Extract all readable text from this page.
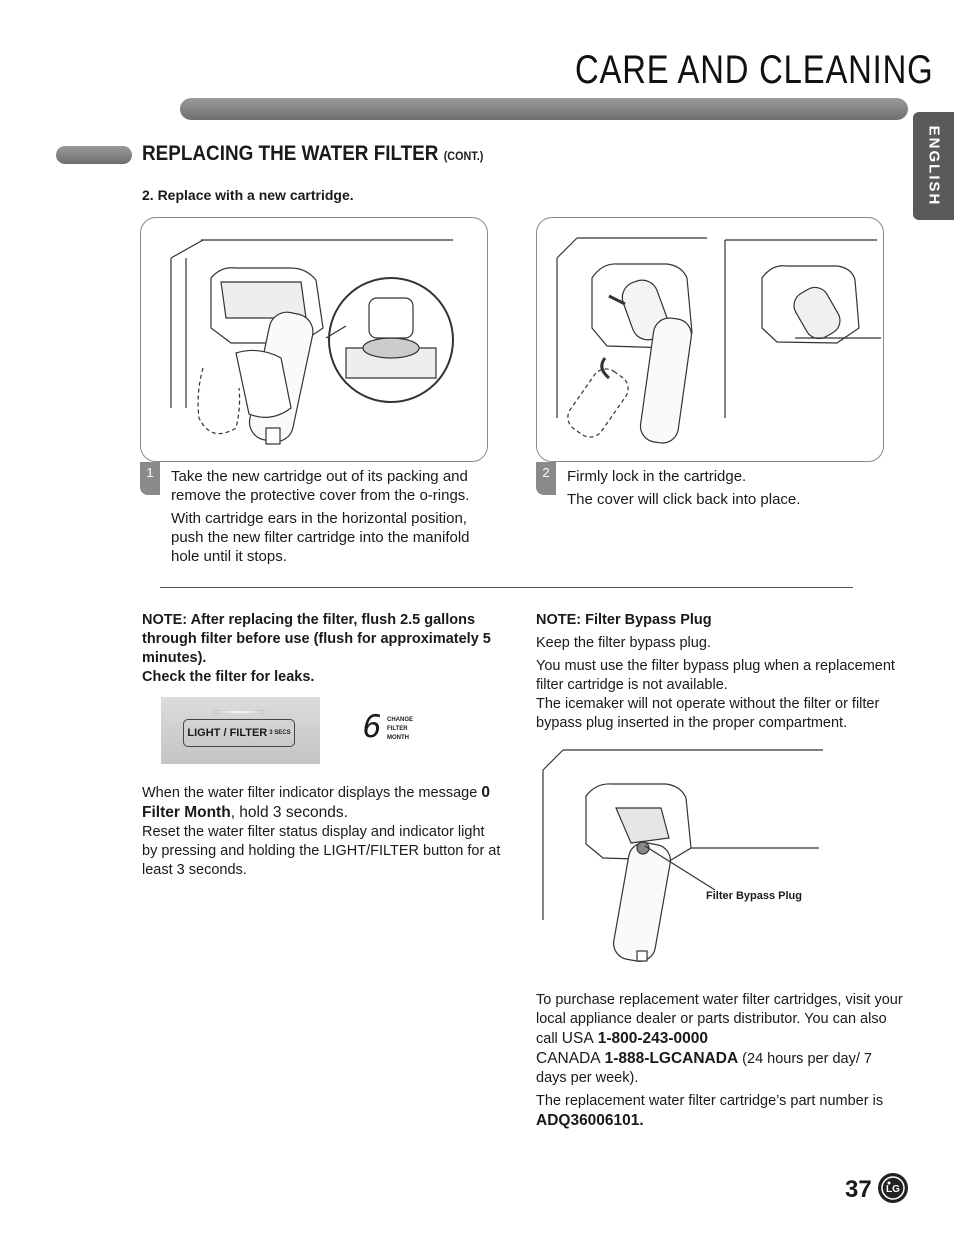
CARE AND CLEANING
ENGLISH
REPLACING THE WATER FILTER (CONT.)
2. Replace with a new cartridge.
1	Take the new cartridge out of its packing and remove the protective cover from the o-rings.

With cartridge ears in the horizontal position, push the new filter cartridge into the manifold hole until it stops.

2	Firmly lock in the cartridge.

The cover will click back into place.

NOTE: After replacing the filter, flush 2.5 gallons through filter before use (flush for approximately 5 minutes).
Check the filter for leaks.
LIGHT / FILTER 3 SECS 6 CHANGE
FILTER
MONTH
When the water filter indicator displays the message 0 Filter Month, hold 3 seconds.
Reset the water filter status display and indicator light by pressing and holding the LIGHT/FILTER button for at least 3 seconds.
NOTE: Filter Bypass Plug
Keep the filter bypass plug.
You must use the filter bypass plug when a replacement filter cartridge is not available.
The icemaker will not operate without the filter or filter bypass plug inserted in the proper compartment.
Filter Bypass Plug
To purchase replacement water filter cartridges, visit your local appliance dealer or parts distributor. You can also call USA 1-800-243-0000
CANADA 1-888-LGCANADA (24 hours per day/ 7 days per week).
The replacement water filter cartridge’s part number is ADQ36006101.
37 LG
